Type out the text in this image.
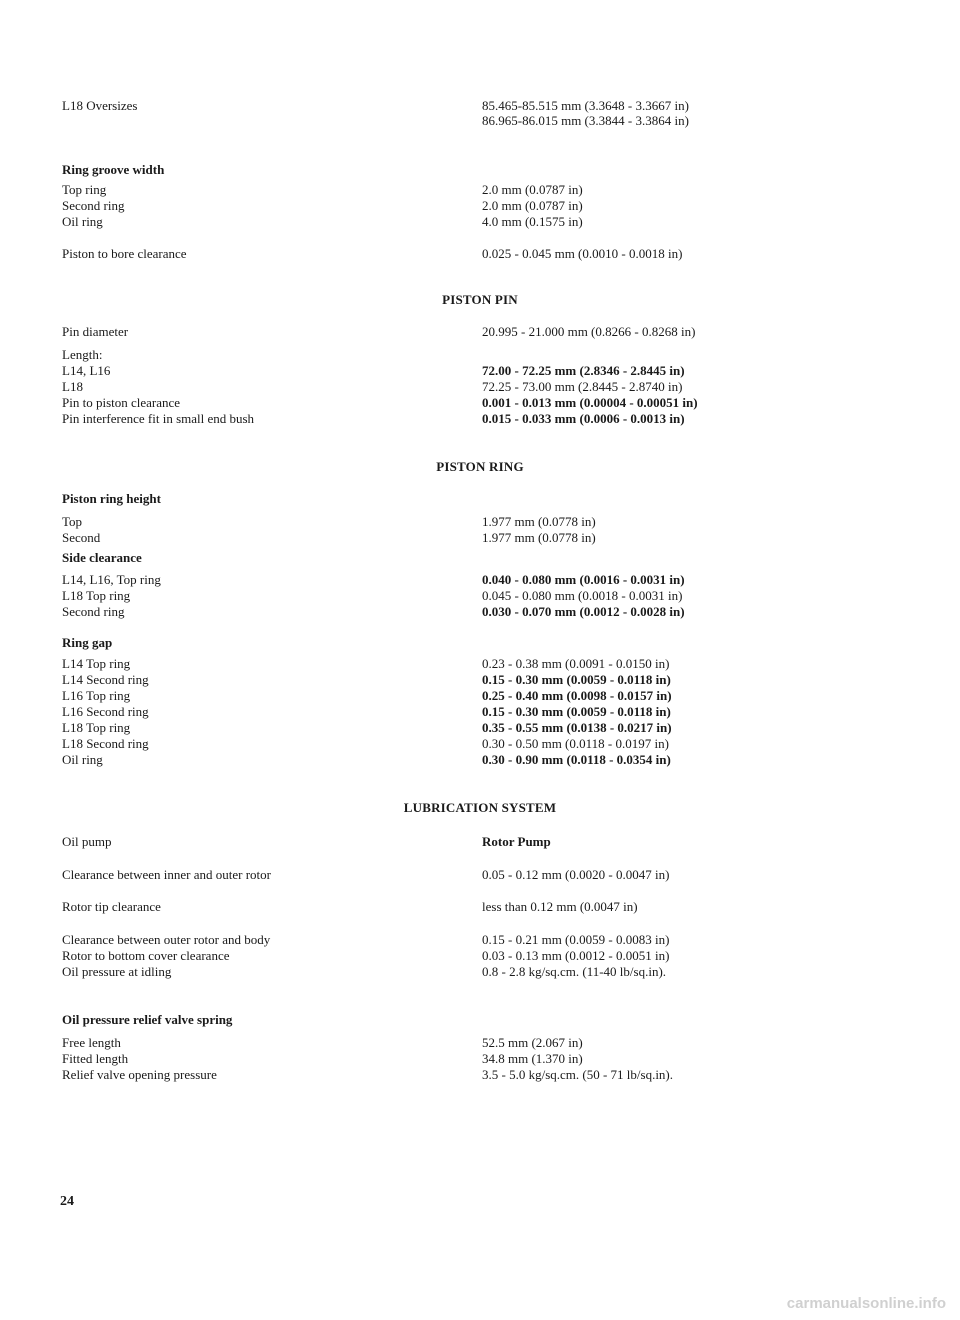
L18 Oversizes	85.465-85.515 mm (3.3648 - 3.3667 in)
86.965-86.015 mm (3.3844 - 3.3864 in)
Ring groove width
Top ring	2.0 mm (0.0787 in)
Second ring	2.0 mm (0.0787 in)
Oil ring	4.0 mm (0.1575 in)
Piston to bore clearance	0.025 - 0.045 mm (0.0010 - 0.0018 in)
PISTON PIN
Pin diameter	20.995 - 21.000 mm (0.8266 - 0.8268 in)
Length:
L14, L16	72.00 - 72.25 mm (2.8346 - 2.8445 in)
L18	72.25 - 73.00 mm (2.8445 - 2.8740 in)
Pin to piston clearance	0.001 - 0.013 mm (0.00004 - 0.00051 in)
Pin interference fit in small end bush	0.015 - 0.033 mm (0.0006 - 0.0013 in)
PISTON RING
Piston ring height
Top	1.977 mm (0.0778 in)
Second	1.977 mm (0.0778 in)
Side clearance
L14, L16, Top ring	0.040 - 0.080 mm (0.0016 - 0.0031 in)
L18 Top ring	0.045 - 0.080 mm (0.0018 - 0.0031 in)
Second ring	0.030 - 0.070 mm (0.0012 - 0.0028 in)
Ring gap
L14 Top ring	0.23 - 0.38 mm (0.0091 - 0.0150 in)
L14 Second ring	0.15 - 0.30 mm (0.0059 - 0.0118 in)
L16 Top ring	0.25 - 0.40 mm (0.0098 - 0.0157 in)
L16 Second ring	0.15 - 0.30 mm (0.0059 - 0.0118 in)
L18 Top ring	0.35 - 0.55 mm (0.0138 - 0.0217 in)
L18 Second ring	0.30 - 0.50 mm (0.0118 - 0.0197 in)
Oil ring	0.30 - 0.90 mm (0.0118 - 0.0354 in)
LUBRICATION SYSTEM
Oil pump	Rotor Pump
Clearance between inner and outer rotor	0.05 - 0.12 mm (0.0020 - 0.0047 in)
Rotor tip clearance	less than 0.12 mm (0.0047 in)
Clearance between outer rotor and body	0.15 - 0.21 mm (0.0059 - 0.0083 in)
Rotor to bottom cover clearance	0.03 - 0.13 mm (0.0012 - 0.0051 in)
Oil pressure at idling	0.8 - 2.8 kg/sq.cm. (11-40 lb/sq.in).
Oil pressure relief valve spring
Free length	52.5 mm (2.067 in)
Fitted length	34.8 mm (1.370 in)
Relief valve opening pressure	3.5 - 5.0 kg/sq.cm. (50 - 71 lb/sq.in).
24
carmanualsonline.info
